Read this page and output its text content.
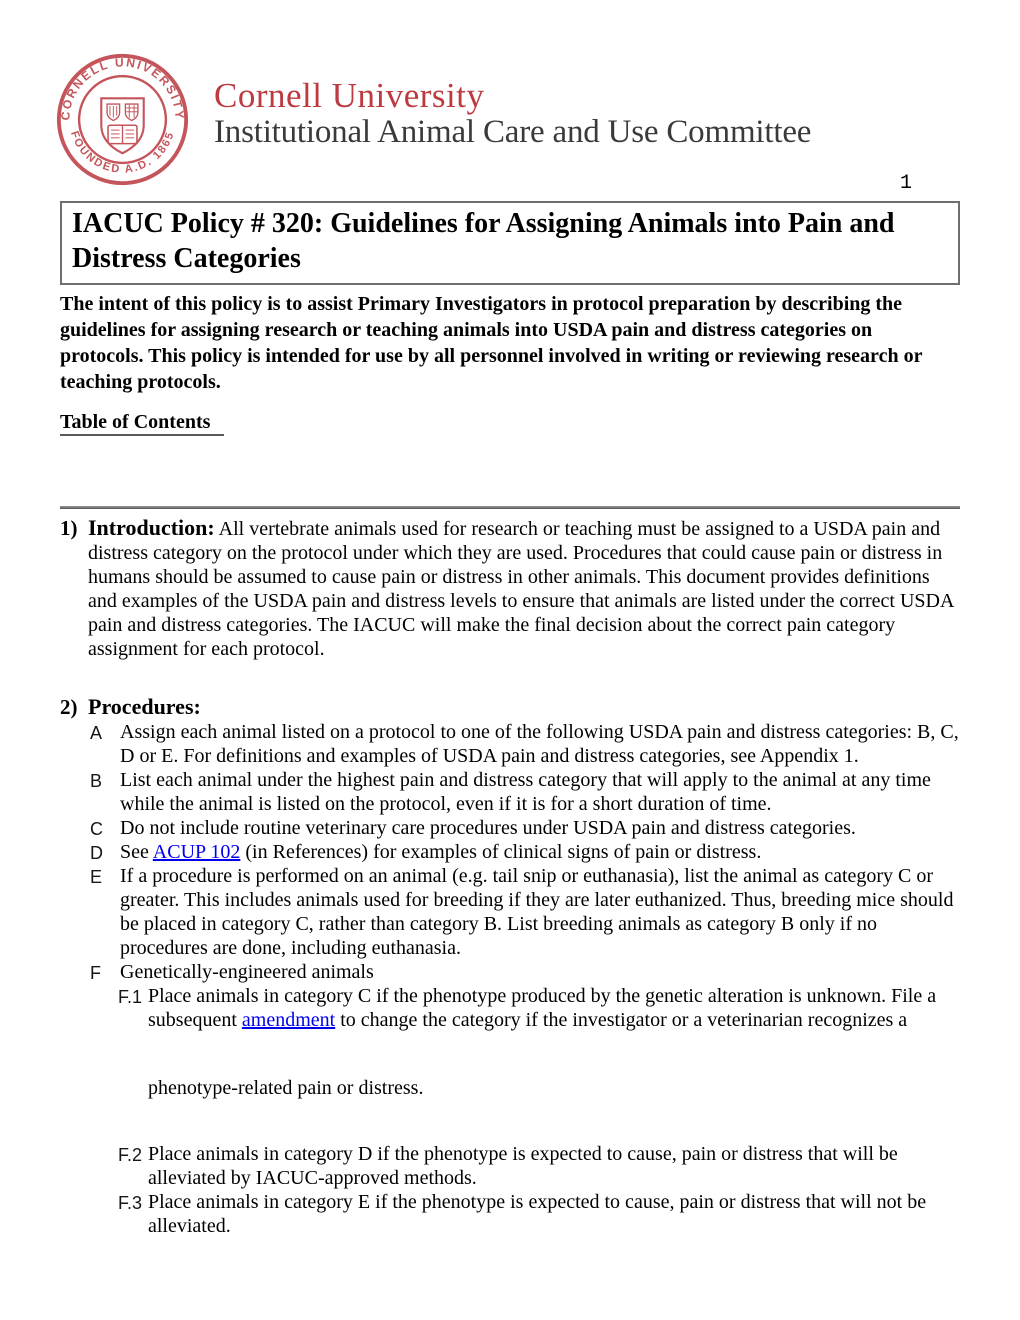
CORNELL UNIVERSITY
FOUNDED A.D. 1865
Cornell University
Institutional Animal Care and Use Committee
1
IACUC Policy # 320: Guidelines for Assigning Animals into Pain and Distress Categories

The intent of this policy is to assist Primary Investigators in protocol preparation by describing the guidelines for assigning research or teaching animals into USDA pain and distress categories on protocols. This policy is intended for use by all personnel involved in writing or reviewing research or teaching protocols.

Table of Contents
1) Introduction: All vertebrate animals used for research or teaching must be assigned to a USDA pain and distress category on the protocol under which they are used. Procedures that could cause pain or distress in humans should be assumed to cause pain or distress in other animals. This document provides definitions and examples of the USDA pain and distress levels to ensure that animals are listed under the correct USDA pain and distress categories. The IACUC will make the final decision about the correct pain category assignment for each protocol.
2) Procedures:
A Assign each animal listed on a protocol to one of the following USDA pain and distress categories: B, C, D or E. For definitions and examples of USDA pain and distress categories, see Appendix 1.
B List each animal under the highest pain and distress category that will apply to the animal at any time while the animal is listed on the protocol, even if it is for a short duration of time.
C Do not include routine veterinary care procedures under USDA pain and distress categories.
D See ACUP 102 (in References) for examples of clinical signs of pain or distress.
E If a procedure is performed on an animal (e.g. tail snip or euthanasia), list the animal as category C or greater. This includes animals used for breeding if they are later euthanized. Thus, breeding mice should be placed in category C, rather than category B. List breeding animals as category B only if no procedures are done, including euthanasia.
F Genetically-engineered animals
F.1 Place animals in category C if the phenotype produced by the genetic alteration is unknown. File a subsequent amendment to change the category if the investigator or a veterinarian recognizes a
phenotype-related pain or distress.
F.2 Place animals in category D if the phenotype is expected to cause, pain or distress that will be alleviated by IACUC-approved methods.
F.3 Place animals in category E if the phenotype is expected to cause, pain or distress that will not be alleviated.
